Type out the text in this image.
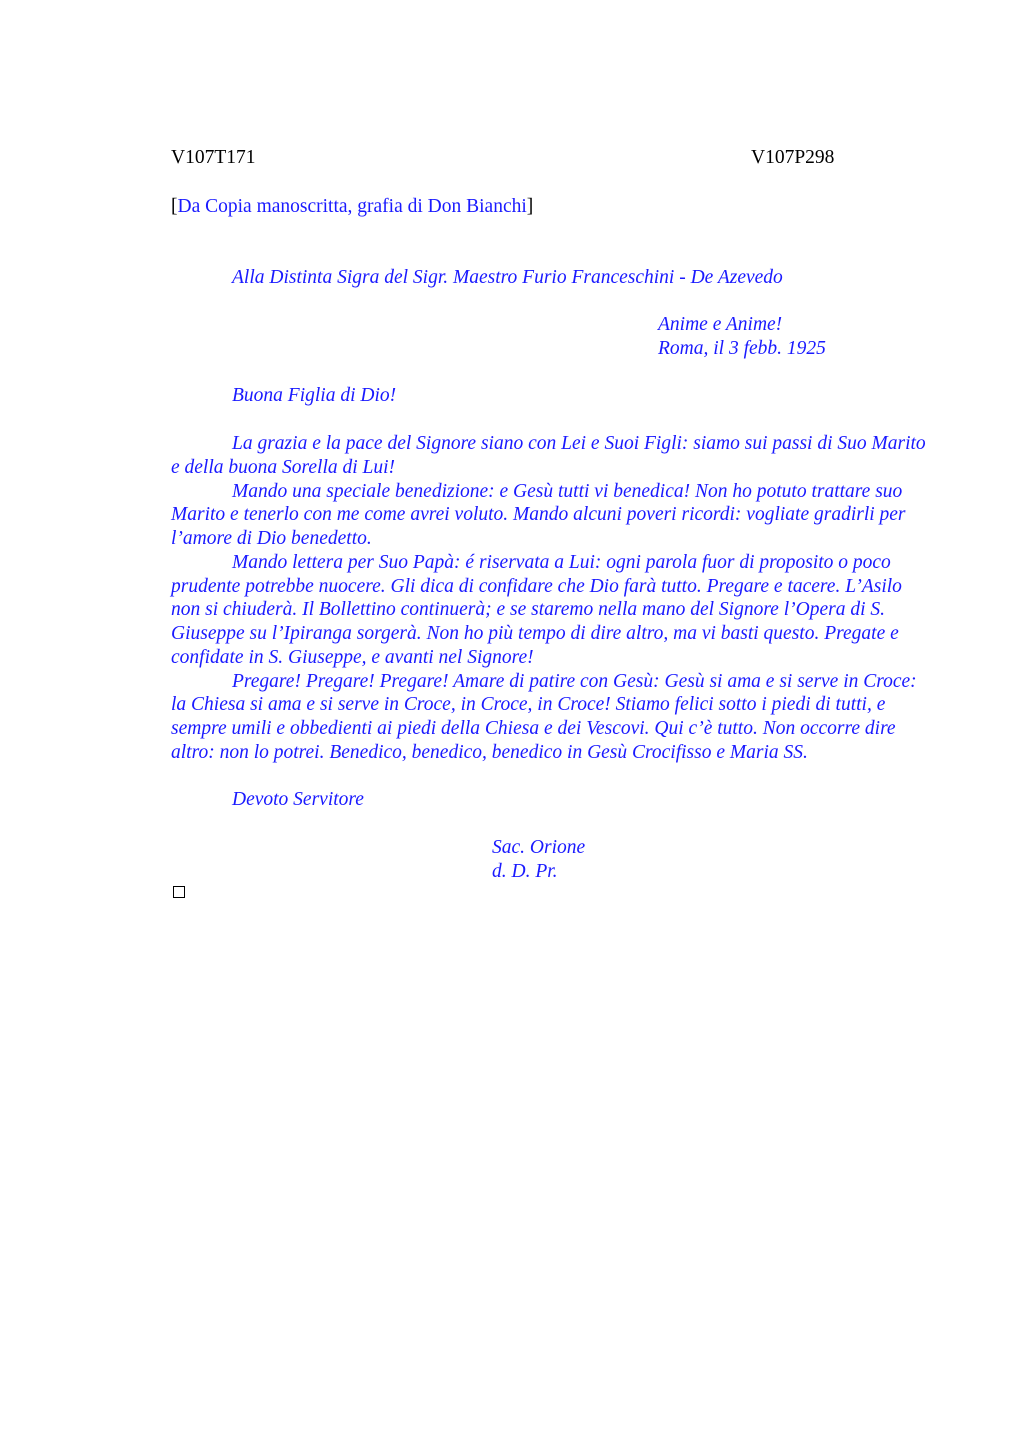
V107T171	V107P298
[Da Copia manoscritta, grafia di Don Bianchi]
Alla Distinta Sigra del Sigr. Maestro Furio Franceschini - De Azevedo
Anime e Anime!
Roma, il 3 febb. 1925
Buona Figlia di Dio!

La grazia e la pace del Signore siano con Lei e Suoi Figli: siamo sui passi di Suo Marito e della buona Sorella di Lui!

Mando una speciale benedizione: e Gesù tutti vi benedica! Non ho potuto trattare suo Marito e tenerlo con me come avrei voluto. Mando alcuni poveri ricordi: vogliate gradirli per l’amore di Dio benedetto.

Mando lettera per Suo Papà: é riservata a Lui: ogni parola fuor di proposito o poco prudente potrebbe nuocere. Gli dica di confidare che Dio farà tutto. Pregare e tacere. L’Asilo non si chiuderà. Il Bollettino continuerà; e se staremo nella mano del Signore l’Opera di S. Giuseppe su l’Ipiranga sorgerà. Non ho più tempo di dire altro, ma vi basti questo. Pregate e confidate in S. Giuseppe, e avanti nel Signore!

Pregare! Pregare! Pregare! Amare di patire con Gesù: Gesù si ama e si serve in Croce: la Chiesa si ama e si serve in Croce, in Croce, in Croce! Stiamo felici sotto i piedi di tutti, e sempre umili e obbedienti ai piedi della Chiesa e dei Vescovi. Qui c’è tutto. Non occorre dire altro: non lo potrei. Benedico, benedico, benedico in Gesù Crocifisso e Maria SS.

Devoto Servitore
Sac. Orione
d. D. Pr.
